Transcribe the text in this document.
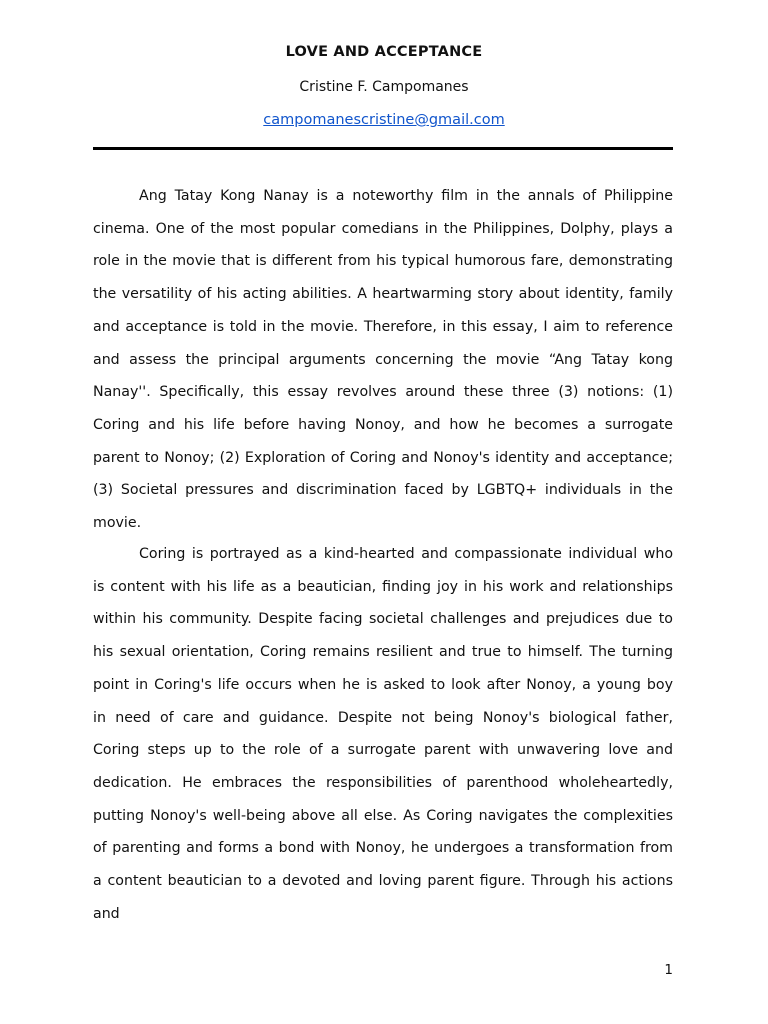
LOVE AND ACCEPTANCE
Cristine F. Campomanes
campomanescristine@gmail.com

Ang Tatay Kong Nanay is a noteworthy film in the annals of Philippine cinema. One of the most popular comedians in the Philippines, Dolphy, plays a role in the movie that is different from his typical humorous fare, demonstrating the versatility of his acting abilities. A heartwarming story about identity, family and acceptance is told in the movie. Therefore, in this essay, I aim to reference and assess the principal arguments concerning the movie “Ang Tatay kong Nanay''. Specifically, this essay revolves around these three (3) notions: (1) Coring and his life before having Nonoy, and how he becomes a surrogate parent to Nonoy; (2) Exploration of Coring and Nonoy's identity and acceptance; (3) Societal pressures and discrimination faced by LGBTQ+ individuals in the movie.

Coring is portrayed as a kind-hearted and compassionate individual who is content with his life as a beautician, finding joy in his work and relationships within his community. Despite facing societal challenges and prejudices due to his sexual orientation, Coring remains resilient and true to himself. The turning point in Coring's life occurs when he is asked to look after Nonoy, a young boy in need of care and guidance. Despite not being Nonoy's biological father, Coring steps up to the role of a surrogate parent with unwavering love and dedication. He embraces the responsibilities of parenthood wholeheartedly, putting Nonoy's well-being above all else. As Coring navigates the complexities of parenting and forms a bond with Nonoy, he undergoes a transformation from a content beautician to a devoted and loving parent figure. Through his actions and

1
